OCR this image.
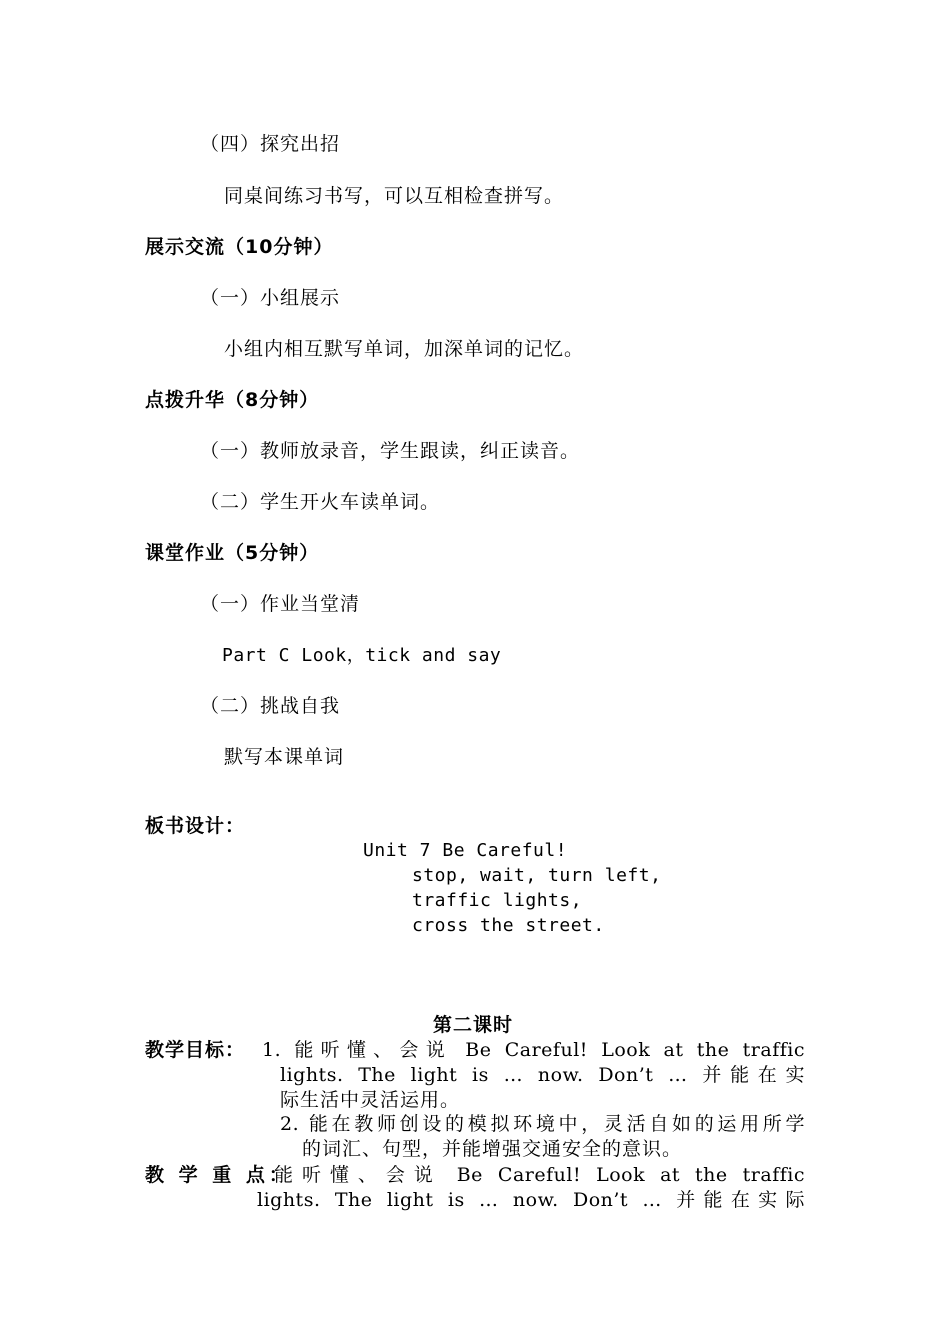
（四）探究出招
同桌间练习书写，可以互相检查拼写。
展示交流（10分钟）
（一）小组展示
小组内相互默写单词，加深单词的记忆。
点拨升华（8分钟）
（一）教师放录音，学生跟读，纠正读音。
（二）学生开火车读单词。
课堂作业（5分钟）
（一）作业当堂清
Part C Look，tick and say
（二）挑战自我
默写本课单词
板书设计：
Unit 7 Be Careful!
stop, wait, turn left,
traffic lights,
cross the street.
第二课时
教学目标： 1. 能听懂、会说 Be Careful! Look at the traffic
lights. The light is … now. Don’t … 并能在实
际生活中灵活运用。
2. 能在教师创设的模拟环境中，灵活自如的运用所学
的词汇、句型，并能增强交通安全的意识。
教 学 重 点：
能听懂、会说 Be Careful! Look at the traffic
lights. The light is … now. Don’t … 并能在实际
